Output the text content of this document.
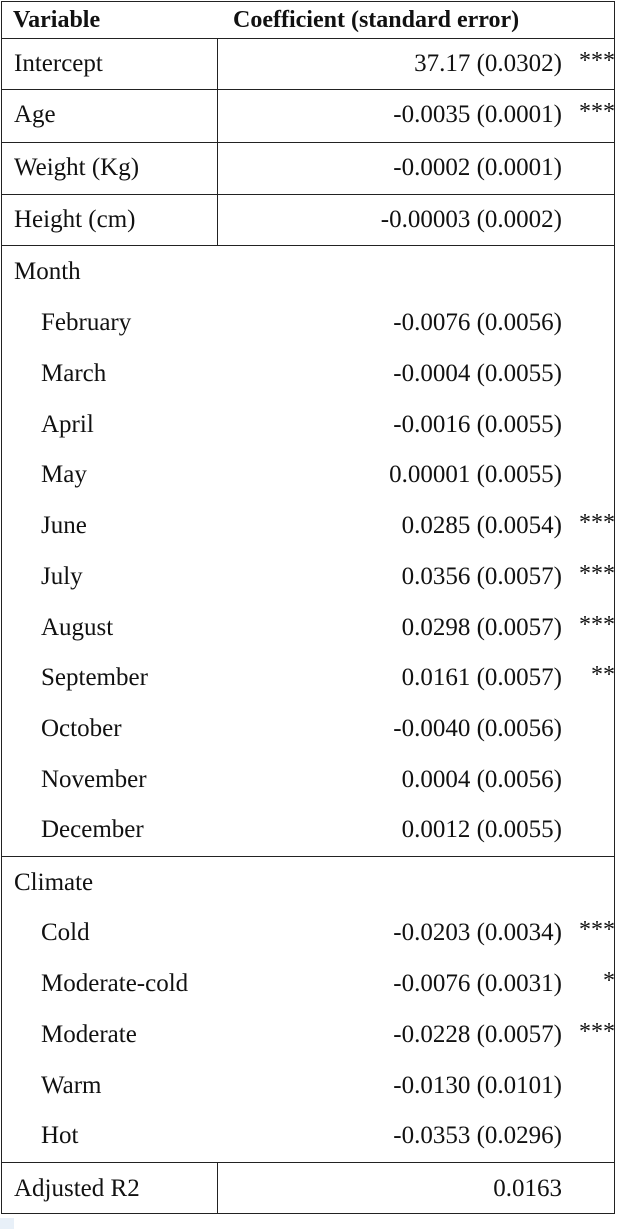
Variable	Coefficient (standard error)
Intercept	37.17 (0.0302) ***
Age	-0.0035 (0.0001) ***
Weight (Kg)	-0.0002 (0.0001)
Height (cm)	-0.00003 (0.0002)
Month
February	-0.0076 (0.0056)
March	-0.0004 (0.0055)
April	-0.0016 (0.0055)
May	0.00001 (0.0055)
June	0.0285 (0.0054) ***
July	0.0356 (0.0057) ***
August	0.0298 (0.0057) ***
September	0.0161 (0.0057) **
October	-0.0040 (0.0056)
November	0.0004 (0.0056)
December	0.0012 (0.0055)
Climate
Cold	-0.0203 (0.0034) ***
Moderate-cold	-0.0076 (0.0031) *
Moderate	-0.0228 (0.0057) ***
Warm	-0.0130 (0.0101)
Hot	-0.0353 (0.0296)
Adjusted R2	0.0163
